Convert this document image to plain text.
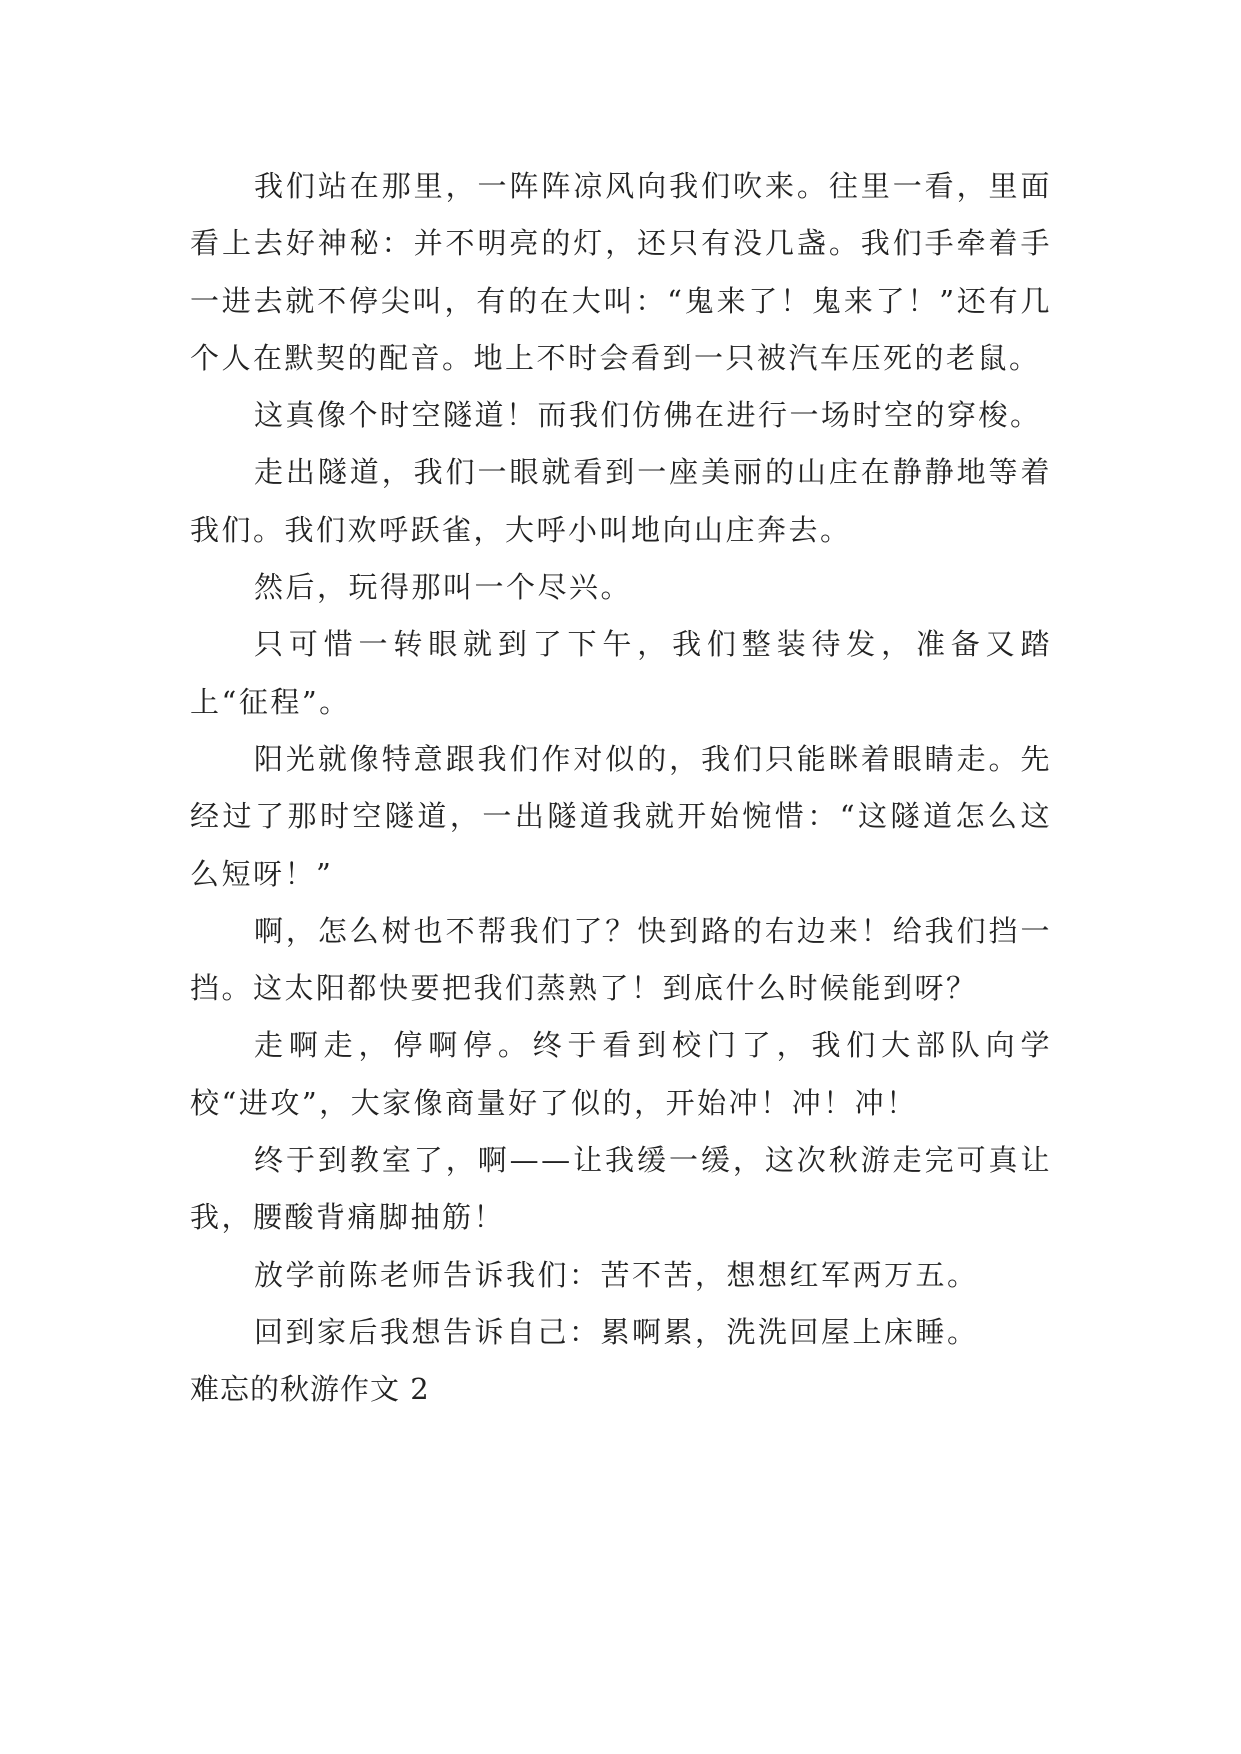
我们站在那里，一阵阵凉风向我们吹来。往里一看，里面看上去好神秘：并不明亮的灯，还只有没几盏。我们手牵着手一进去就不停尖叫，有的在大叫：“鬼来了！鬼来了！”还有几个人在默契的配音。地上不时会看到一只被汽车压死的老鼠。

这真像个时空隧道！而我们仿佛在进行一场时空的穿梭。

走出隧道，我们一眼就看到一座美丽的山庄在静静地等着我们。我们欢呼跃雀，大呼小叫地向山庄奔去。

然后，玩得那叫一个尽兴。

只可惜一转眼就到了下午，我们整装待发，准备又踏上“征程”。

阳光就像特意跟我们作对似的，我们只能眯着眼睛走。先经过了那时空隧道，一出隧道我就开始惋惜：“这隧道怎么这么短呀！”

啊，怎么树也不帮我们了？快到路的右边来！给我们挡一挡。这太阳都快要把我们蒸熟了！到底什么时候能到呀？

走啊走，停啊停。终于看到校门了，我们大部队向学校“进攻”，大家像商量好了似的，开始冲！冲！冲！

终于到教室了，啊——让我缓一缓，这次秋游走完可真让我，腰酸背痛脚抽筋！

放学前陈老师告诉我们：苦不苦，想想红军两万五。

回到家后我想告诉自己：累啊累，洗洗回屋上床睡。

难忘的秋游作文 2
